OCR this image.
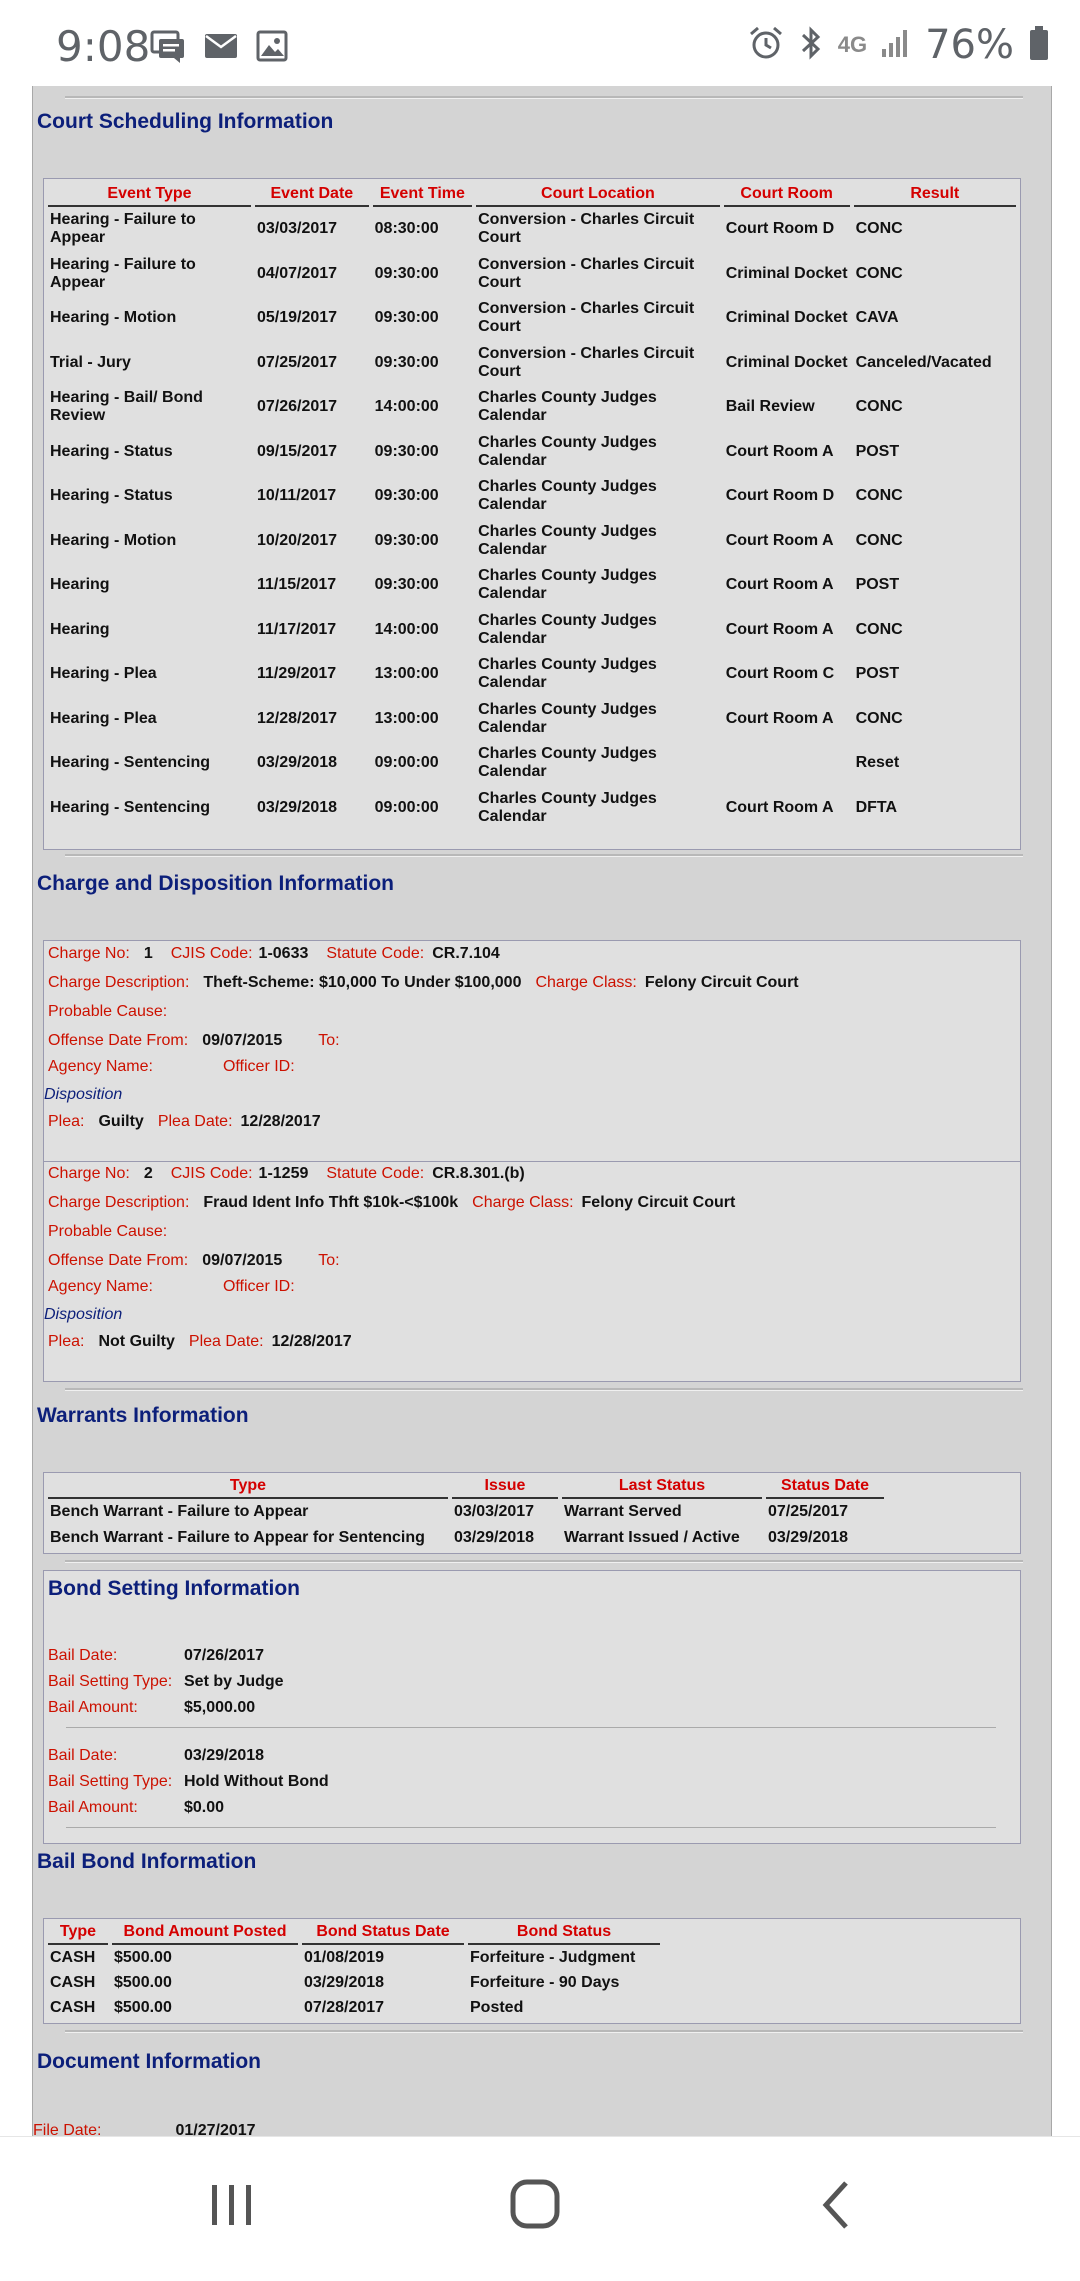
9:08	4G 76%
Court Scheduling Information
Event Type	Event Date	Event Time	Court Location	Court Room	Result
Hearing - Failure to Appear	03/03/2017	08:30:00	Conversion - Charles Circuit Court	Court Room D	CONC
Hearing - Failure to Appear	04/07/2017	09:30:00	Conversion - Charles Circuit Court	Criminal Docket	CONC
Hearing - Motion	05/19/2017	09:30:00	Conversion - Charles Circuit Court	Criminal Docket	CAVA
Trial - Jury	07/25/2017	09:30:00	Conversion - Charles Circuit Court	Criminal Docket	Canceled/Vacated
Hearing - Bail/ Bond Review	07/26/2017	14:00:00	Charles County Judges Calendar	Bail Review	CONC
Hearing - Status	09/15/2017	09:30:00	Charles County Judges Calendar	Court Room A	POST
Hearing - Status	10/11/2017	09:30:00	Charles County Judges Calendar	Court Room D	CONC
Hearing - Motion	10/20/2017	09:30:00	Charles County Judges Calendar	Court Room A	CONC
Hearing	11/15/2017	09:30:00	Charles County Judges Calendar	Court Room A	POST
Hearing	11/17/2017	14:00:00	Charles County Judges Calendar	Court Room A	CONC
Hearing - Plea	11/29/2017	13:00:00	Charles County Judges Calendar	Court Room C	POST
Hearing - Plea	12/28/2017	13:00:00	Charles County Judges Calendar	Court Room A	CONC
Hearing - Sentencing	03/29/2018	09:00:00	Charles County Judges Calendar		Reset
Hearing - Sentencing	03/29/2018	09:00:00	Charles County Judges Calendar	Court Room A	DFTA
Charge and Disposition Information
Charge No: 1 CJIS Code: 1-0633 Statute Code: CR.7.104
Charge Description: Theft-Scheme: $10,000 To Under $100,000 Charge Class: Felony Circuit Court
Probable Cause:
Offense Date From: 09/07/2015 To:
Agency Name:	Officer ID:
Disposition
Plea: Guilty Plea Date: 12/28/2017
Charge No: 2 CJIS Code: 1-1259 Statute Code: CR.8.301.(b)
Charge Description: Fraud Ident Info Thft $10k-<$100k Charge Class: Felony Circuit Court
Probable Cause:
Offense Date From: 09/07/2015 To:
Agency Name:	Officer ID:
Disposition
Plea: Not Guilty Plea Date: 12/28/2017
Warrants Information
Type	Issue	Last Status	Status Date
Bench Warrant - Failure to Appear	03/03/2017	Warrant Served	07/25/2017
Bench Warrant - Failure to Appear for Sentencing	03/29/2018	Warrant Issued / Active	03/29/2018
Bond Setting Information
Bail Date:	07/26/2017
Bail Setting Type: Set by Judge
Bail Amount:	$5,000.00
Bail Date:	03/29/2018
Bail Setting Type: Hold Without Bond
Bail Amount:	$0.00
Bail Bond Information
Type	Bond Amount Posted	Bond Status Date	Bond Status
CASH	$500.00	01/08/2019	Forfeiture - Judgment
CASH	$500.00	03/29/2018	Forfeiture - 90 Days
CASH	$500.00	07/28/2017	Posted
Document Information
File Date:	01/27/2017
